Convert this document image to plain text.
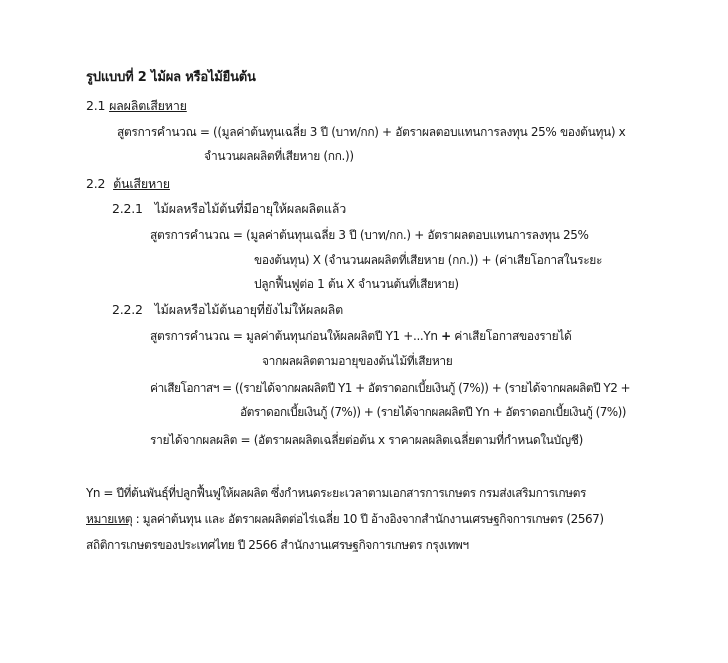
รูปแบบที่ 2 ไม้ผล หรือไม้ยืนต้น
2.1 ผลผลิตเสียหาย
สูตรการคำนวณ = ((มูลค่าต้นทุนเฉลี่ย 3 ปี (บาท/กก) + อัตราผลตอบแทนการลงทุน 25% ของต้นทุน) x
จำนวนผลผลิตที่เสียหาย (กก.))
2.2 ต้นเสียหาย
2.2.1 ไม้ผลหรือไม้ต้นที่มีอายุให้ผลผลิตแล้ว
สูตรการคำนวณ = (มูลค่าต้นทุนเฉลี่ย 3 ปี (บาท/กก.) + อัตราผลตอบแทนการลงทุน 25%
ของต้นทุน) X (จำนวนผลผลิตที่เสียหาย (กก.)) + (ค่าเสียโอกาสในระยะ
ปลูกฟื้นฟูต่อ 1 ต้น X จำนวนต้นที่เสียหาย)
2.2.2 ไม้ผลหรือไม้ต้นอายุที่ยังไม่ให้ผลผลิต
สูตรการคำนวณ = มูลค่าต้นทุนก่อนให้ผลผลิตปี Y1 +...Yn + ค่าเสียโอกาสของรายได้
จากผลผลิตตามอายุของต้นไม้ที่เสียหาย
ค่าเสียโอกาสฯ = ((รายได้จากผลผลิตปี Y1 + อัตราดอกเบี้ยเงินกู้ (7%)) + (รายได้จากผลผลิตปี Y2 +
อัตราดอกเบี้ยเงินกู้ (7%)) + (รายได้จากผลผลิตปี Yn + อัตราดอกเบี้ยเงินกู้ (7%))
รายได้จากผลผลิต = (อัตราผลผลิตเฉลี่ยต่อต้น x ราคาผลผลิตเฉลี่ยตามที่กำหนดในบัญชี)
Yn = ปีที่ต้นพันธุ์ที่ปลูกฟื้นฟูให้ผลผลิต ซึ่งกำหนดระยะเวลาตามเอกสารการเกษตร กรมส่งเสริมการเกษตร
หมายเหตุ : มูลค่าต้นทุน และ อัตราผลผลิตต่อไร่เฉลี่ย 10 ปี อ้างอิงจากสำนักงานเศรษฐกิจการเกษตร (2567)
สถิติการเกษตรของประเทศไทย ปี 2566 สำนักงานเศรษฐกิจการเกษตร กรุงเทพฯ
